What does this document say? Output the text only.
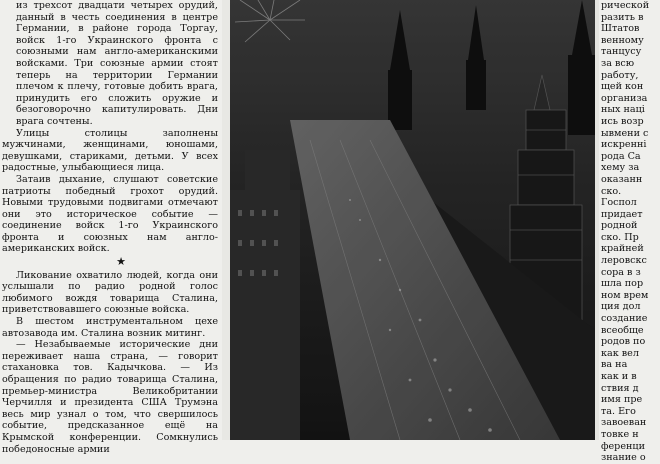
из трехсот двадцати четырех орудий, данный в честь соединения в центре Германии, в районе города Торгау, войск 1-го Украинского фронта с союзными нам англо-американскими войсками. Три союзные армии стоят теперь на территории Германии плечом к плечу, готовые добить врага, принудить его сложить оружие и безоговорочно капитулировать. Дни врага сочтены.

Улицы столицы заполнены мужчинами, женщинами, юношами, девушками, стариками, детьми. У всех радостные, улыбающиеся лица.

Затаив дыхание, слушают советские патриоты победный грохот орудий. Новыми трудовыми подвигами отмечают они это историческое событие — соединение войск 1-го Украинского фронта и союзных нам англо-американских войск.

★

Ликование охватило людей, когда они услышали по радио родной голос любимого вождя товарища Сталина, приветствовавшего союзные войска.

В шестом инструментальном цехе автозавода им. Сталина возник митинг.

— Незабываемые исторические дни переживает наша страна, — говорит стахановка тов. Кадычкова. — Из обращения по радио товарища Сталина, премьер-министра Великобритании Черчилля и президента США Трумэна весь мир узнал о том, что свершилось событие, предсказанное ещё на Крымской конференции. Сомкнулись победоносные армии

рической
разить в
Штатов
венному
танцусу
за всю
работу,
щей кон
организа
ных наці
ись возр
ывмени с
искренні
рода Са
хему за
оказанн
ско.
Госпол
придает
родной
ско. Пр
крайней
леровскс
сора в з
шла пор
ном врем
ция дол
создание
всеобще
родов по
как вел
ва на
как и в
ствия д
имя пре
та. Его
завоеван
товке н
ференци
знание о
